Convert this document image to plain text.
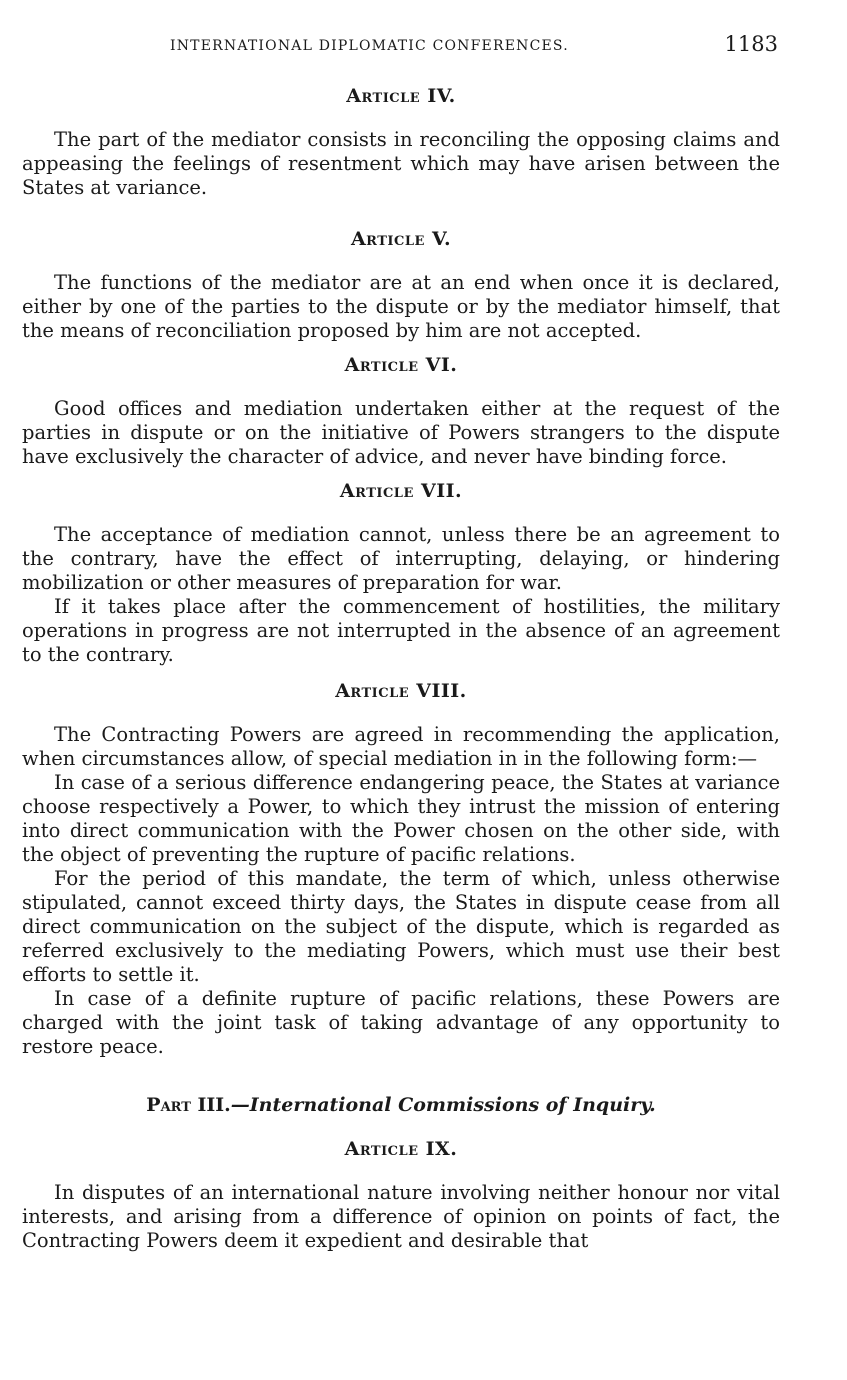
INTERNATIONAL DIPLOMATIC CONFERENCES.	1183
Article IV.

The part of the mediator consists in reconciling the opposing claims and appeasing the feelings of resentment which may have arisen between the States at variance.

Article V.

The functions of the mediator are at an end when once it is declared, either by one of the parties to the dispute or by the mediator himself, that the means of reconciliation proposed by him are not accepted.

Article VI.

Good offices and mediation undertaken either at the request of the parties in dispute or on the initiative of Powers strangers to the dispute have exclusively the character of advice, and never have binding force.

Article VII.

The acceptance of mediation cannot, unless there be an agreement to the contrary, have the effect of interrupting, delaying, or hindering mobilization or other measures of preparation for war.

If it takes place after the commencement of hostilities, the military operations in progress are not interrupted in the absence of an agreement to the contrary.

Article VIII.

The Contracting Powers are agreed in recommending the application, when circumstances allow, of special mediation in in the following form:—

In case of a serious difference endangering peace, the States at variance choose respectively a Power, to which they intrust the mission of entering into direct communication with the Power chosen on the other side, with the object of preventing the rupture of pacific relations.

For the period of this mandate, the term of which, unless otherwise stipulated, cannot exceed thirty days, the States in dispute cease from all direct communication on the subject of the dispute, which is regarded as referred exclusively to the mediating Powers, which must use their best efforts to settle it.

In case of a definite rupture of pacific relations, these Powers are charged with the joint task of taking advantage of any opportunity to restore peace.

Part III.—International Commissions of Inquiry.
Article IX.

In disputes of an international nature involving neither honour nor vital interests, and arising from a difference of opinion on points of fact, the Contracting Powers deem it expedient and desirable that
